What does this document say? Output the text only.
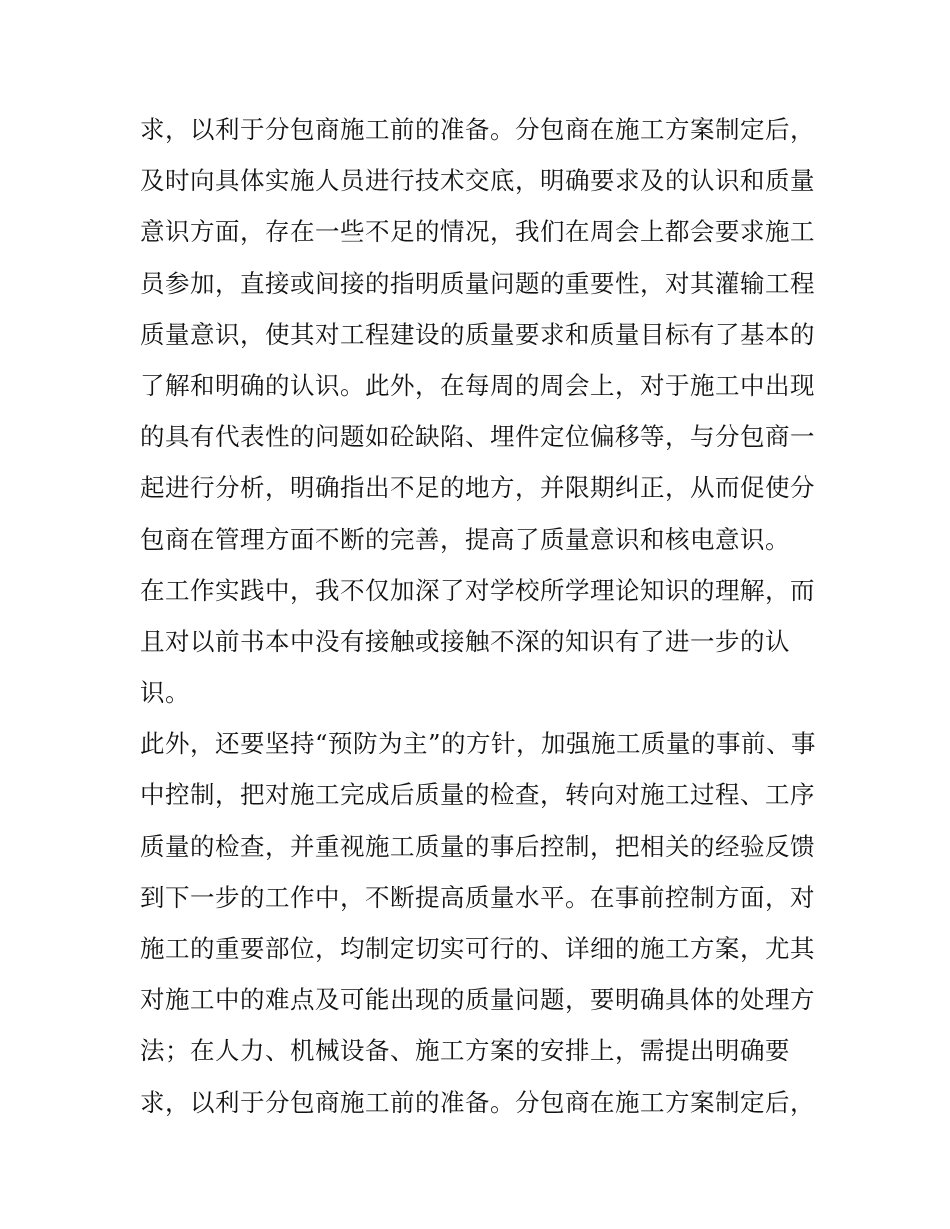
求，以利于分包商施工前的准备。分包商在施工方案制定后，
及时向具体实施人员进行技术交底，明确要求及的认识和质量
意识方面，存在一些不足的情况，我们在周会上都会要求施工
员参加，直接或间接的指明质量问题的重要性，对其灌输工程
质量意识，使其对工程建设的质量要求和质量目标有了基本的
了解和明确的认识。此外，在每周的周会上，对于施工中出现
的具有代表性的问题如砼缺陷、埋件定位偏移等，与分包商一
起进行分析，明确指出不足的地方，并限期纠正，从而促使分
包商在管理方面不断的完善，提高了质量意识和核电意识。
在工作实践中，我不仅加深了对学校所学理论知识的理解，而
且对以前书本中没有接触或接触不深的知识有了进一步的认
识。
此外，还要坚持“预防为主”的方针，加强施工质量的事前、事
中控制，把对施工完成后质量的检查，转向对施工过程、工序
质量的检查，并重视施工质量的事后控制，把相关的经验反馈
到下一步的工作中，不断提高质量水平。在事前控制方面，对
施工的重要部位，均制定切实可行的、详细的施工方案，尤其
对施工中的难点及可能出现的质量问题，要明确具体的处理方
法；在人力、机械设备、施工方案的安排上，需提出明确要
求，以利于分包商施工前的准备。分包商在施工方案制定后，
